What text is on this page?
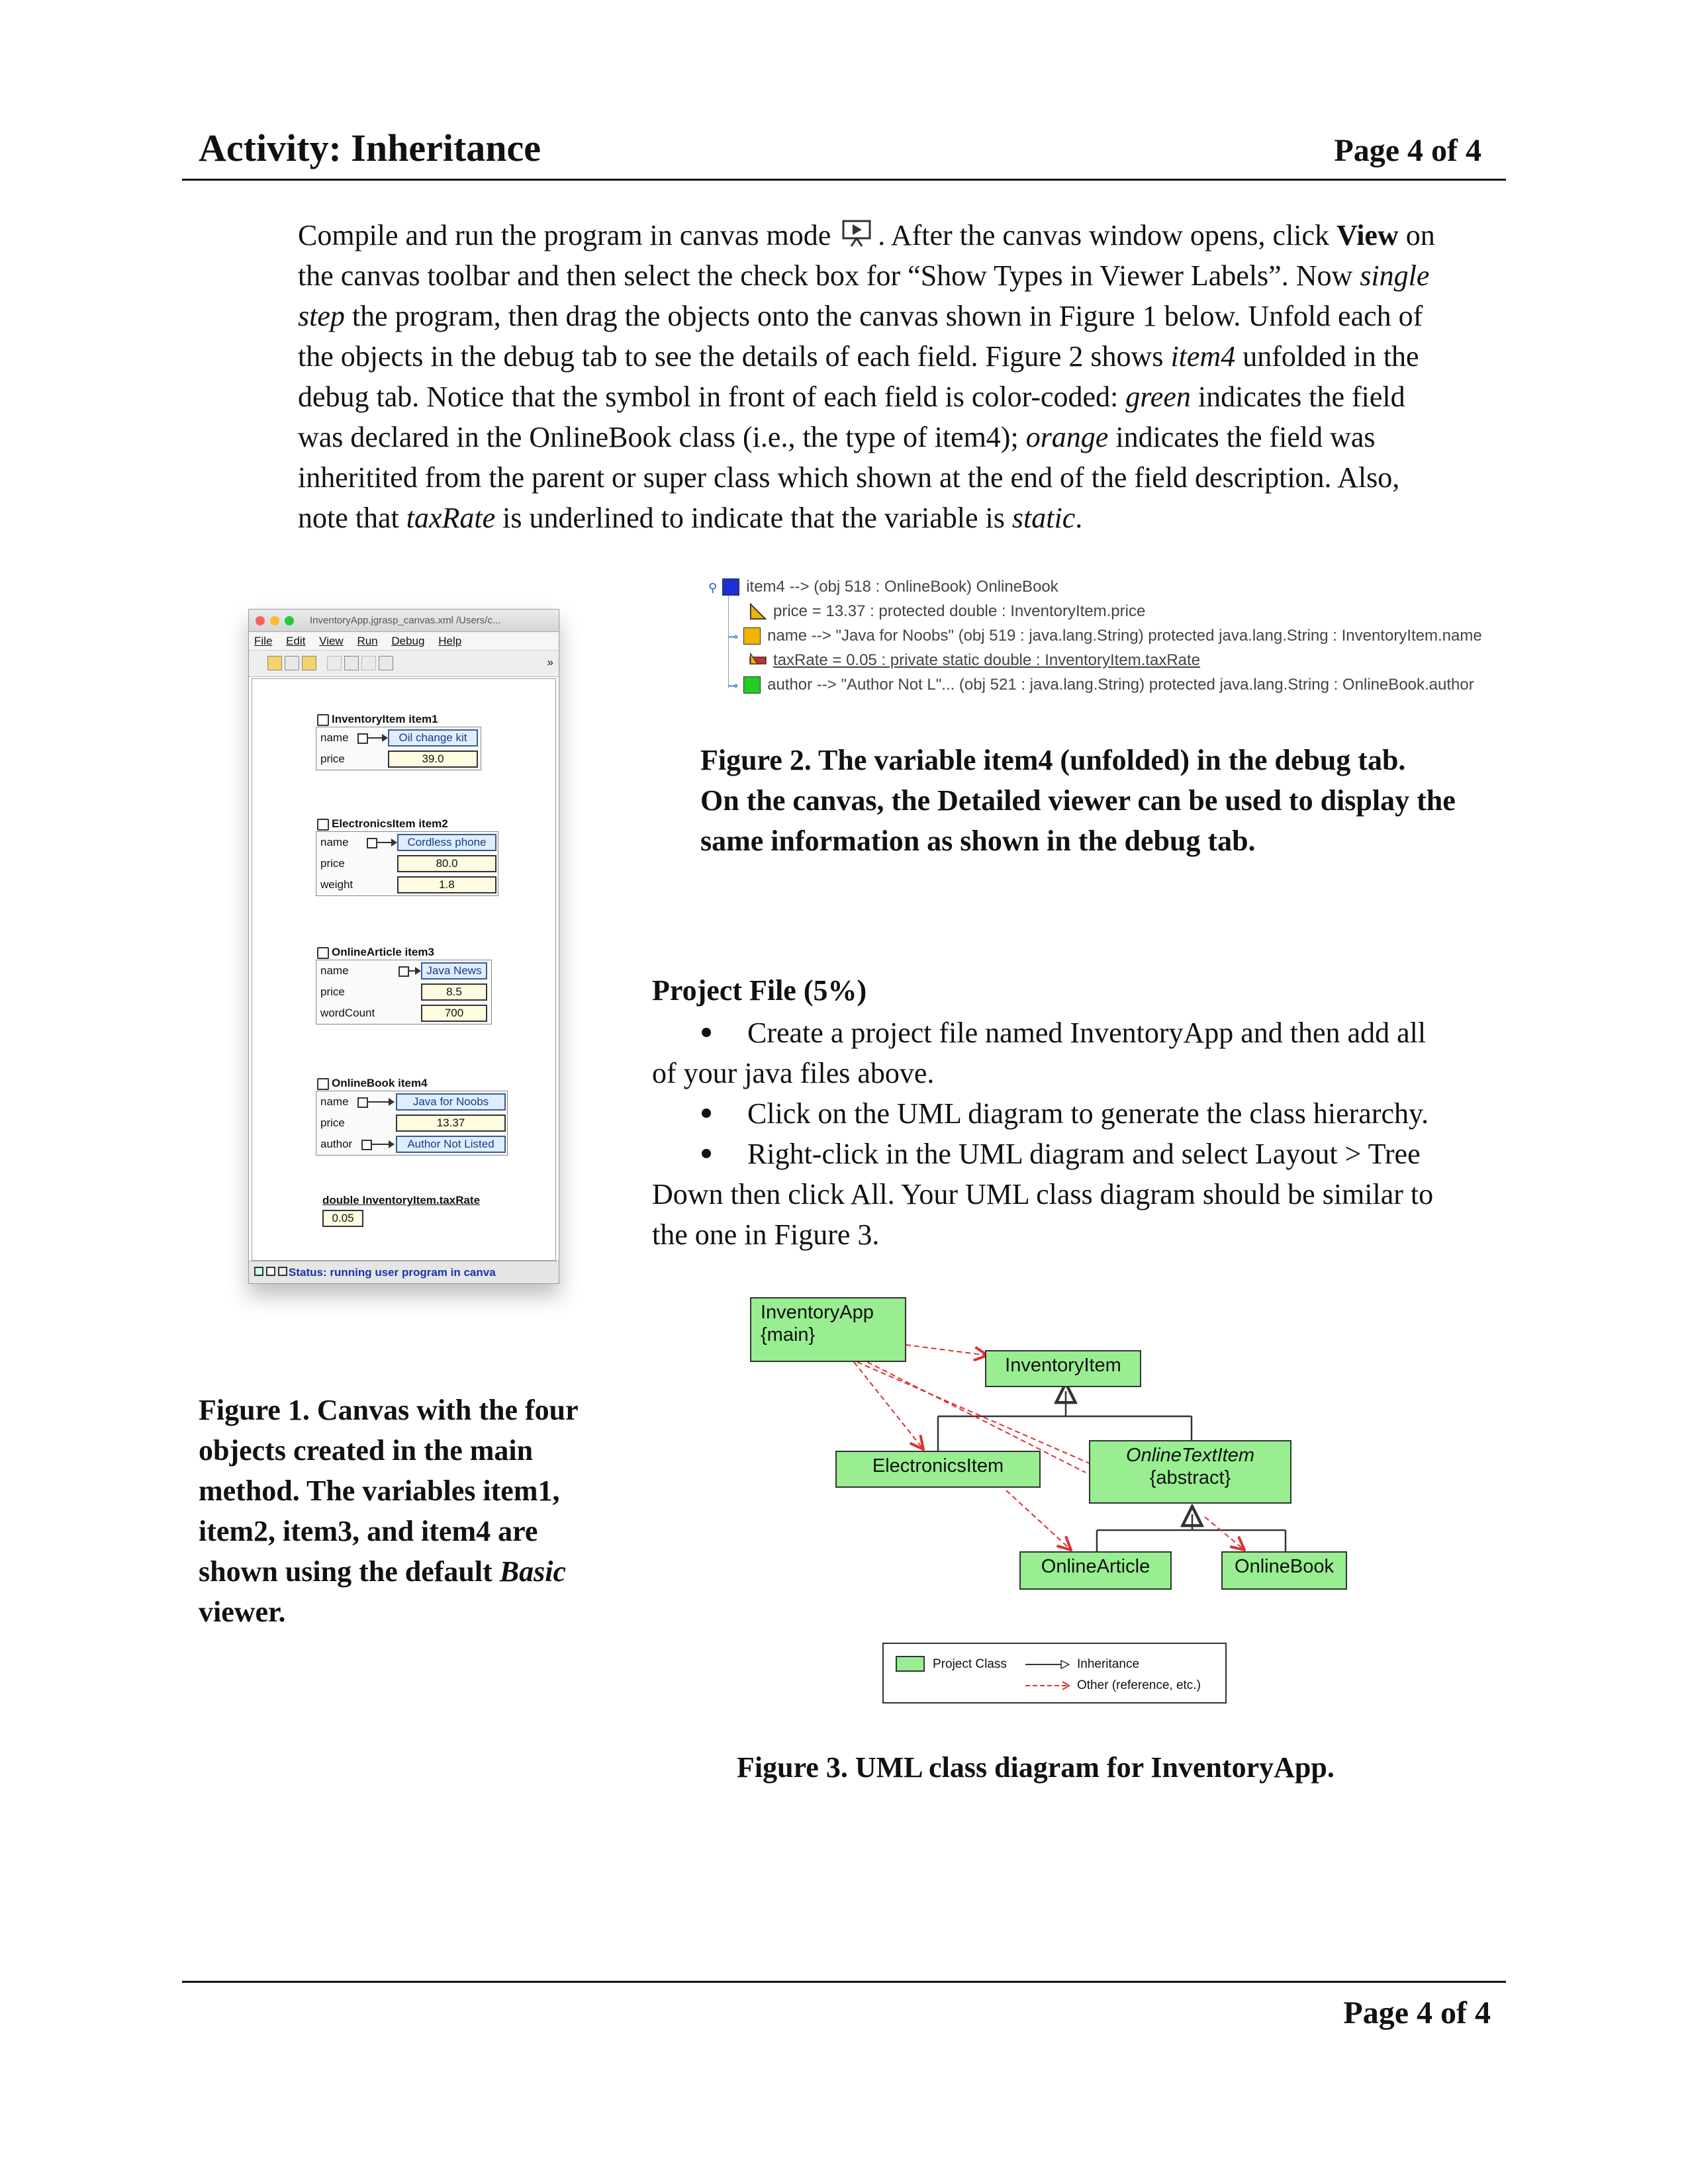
Activity: Inheritance	Page 4 of 4
Compile and run the program in canvas mode . After the canvas window opens, click View on
the canvas toolbar and then select the check box for “Show Types in Viewer Labels”. Now single
step the program, then drag the objects onto the canvas shown in Figure 1 below. Unfold each of
the objects in the debug tab to see the details of each field. Figure 2 shows item4 unfolded in the
debug tab. Notice that the symbol in front of each field is color-coded: green indicates the field
was declared in the OnlineBook class (i.e., the type of item4); orange indicates the field was
inheritited from the parent or super class which shown at the end of the field description. Also,
note that taxRate is underlined to indicate that the variable is static.
InventoryApp.jgrasp_canvas.xml /Users/c...
File Edit View Run Debug Help
»
InventoryItem item1
name	Oil change kit
price	39.0
ElectronicsItem item2
name	Cordless phone
price	80.0
weight	1.8
OnlineArticle item3
name	Java News
price	8.5
wordCount	700
OnlineBook item4
name	Java for Noobs
price	13.37
author	Author Not Listed
double InventoryItem.taxRate
0.05
Status: running user program in canva
Figure 1. Canvas with the four
objects created in the main
method. The variables item1,
item2, item3, and item4 are
shown using the default Basic
viewer.
⚲ item4 --> (obj 518 : OnlineBook) OnlineBook
price = 13.37 : protected double : InventoryItem.price
⊸ name --> "Java for Noobs" (obj 519 : java.lang.String) protected java.lang.String : InventoryItem.name
taxRate = 0.05 : private static double : InventoryItem.taxRate
⊸ author --> "Author Not L"... (obj 521 : java.lang.String) protected java.lang.String : OnlineBook.author
Figure 2. The variable item4 (unfolded) in the debug tab.
On the canvas, the Detailed viewer can be used to display the
same information as shown in the debug tab.
Project File (5%)
Create a project file named InventoryApp and then add all
of your java files above.
Click on the UML diagram to generate the class hierarchy.
Right-click in the UML diagram and select Layout > Tree
Down then click All. Your UML class diagram should be similar to
the one in Figure 3.
InventoryApp
{main}
InventoryItem
ElectronicsItem	OnlineTextItem
{abstract}
OnlineArticle	OnlineBook
Project Class	Inheritance
Other (reference, etc.)
Figure 3. UML class diagram for InventoryApp.
Page 4 of 4
